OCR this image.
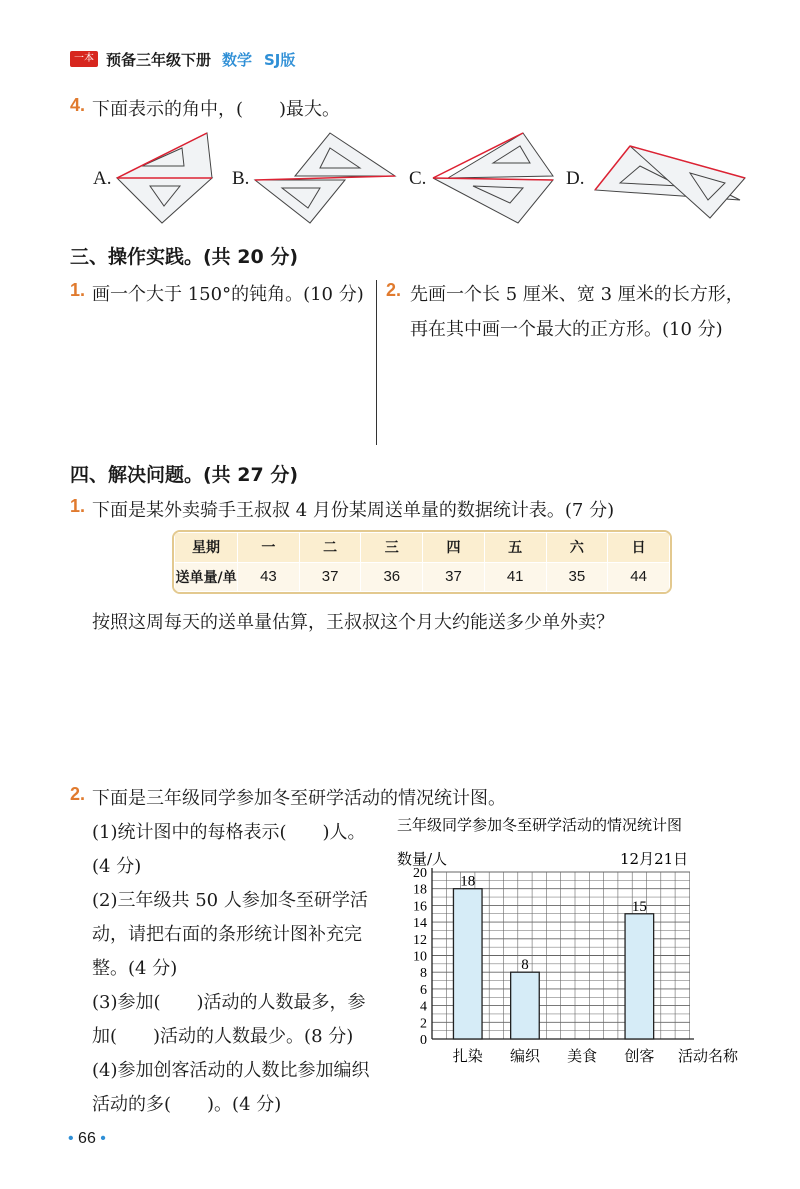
一本 预备三年级下册 数学 SJ版
4. 下面表示的角中，(　　)最大。
A.	B.	C.	D.
三、操作实践。(共 20 分)
1. 画一个大于 150°的钝角。(10 分) 2. 先画一个长 5 厘米、宽 3 厘米的长方形，
再在其中画一个最大的正方形。(10 分)
四、解决问题。(共 27 分)
1. 下面是某外卖骑手王叔叔 4 月份某周送单量的数据统计表。(7 分)
星期	一	二	三	四	五	六	日
送单量/单	43	37	36	37	41	35	44
按照这周每天的送单量估算，王叔叔这个月大约能送多少单外卖？
2. 下面是三年级同学参加冬至研学活动的情况统计图。
(1)统计图中的每格表示(　　)人。
(4 分)
(2)三年级共 50 人参加冬至研学活
动，请把右面的条形统计图补充完
整。(4 分)
(3)参加(　　)活动的人数最多，参
加(　　)活动的人数最少。(8 分)
(4)参加创客活动的人数比参加编织
活动的多(　　)。(4 分)
三年级同学参加冬至研学活动的情况统计图
数量/人	12月21日
18
8
15
0
2
4
6
8
10
12
14
16
18
20
扎染 编织 美食 创客 活动名称
• 66 •
